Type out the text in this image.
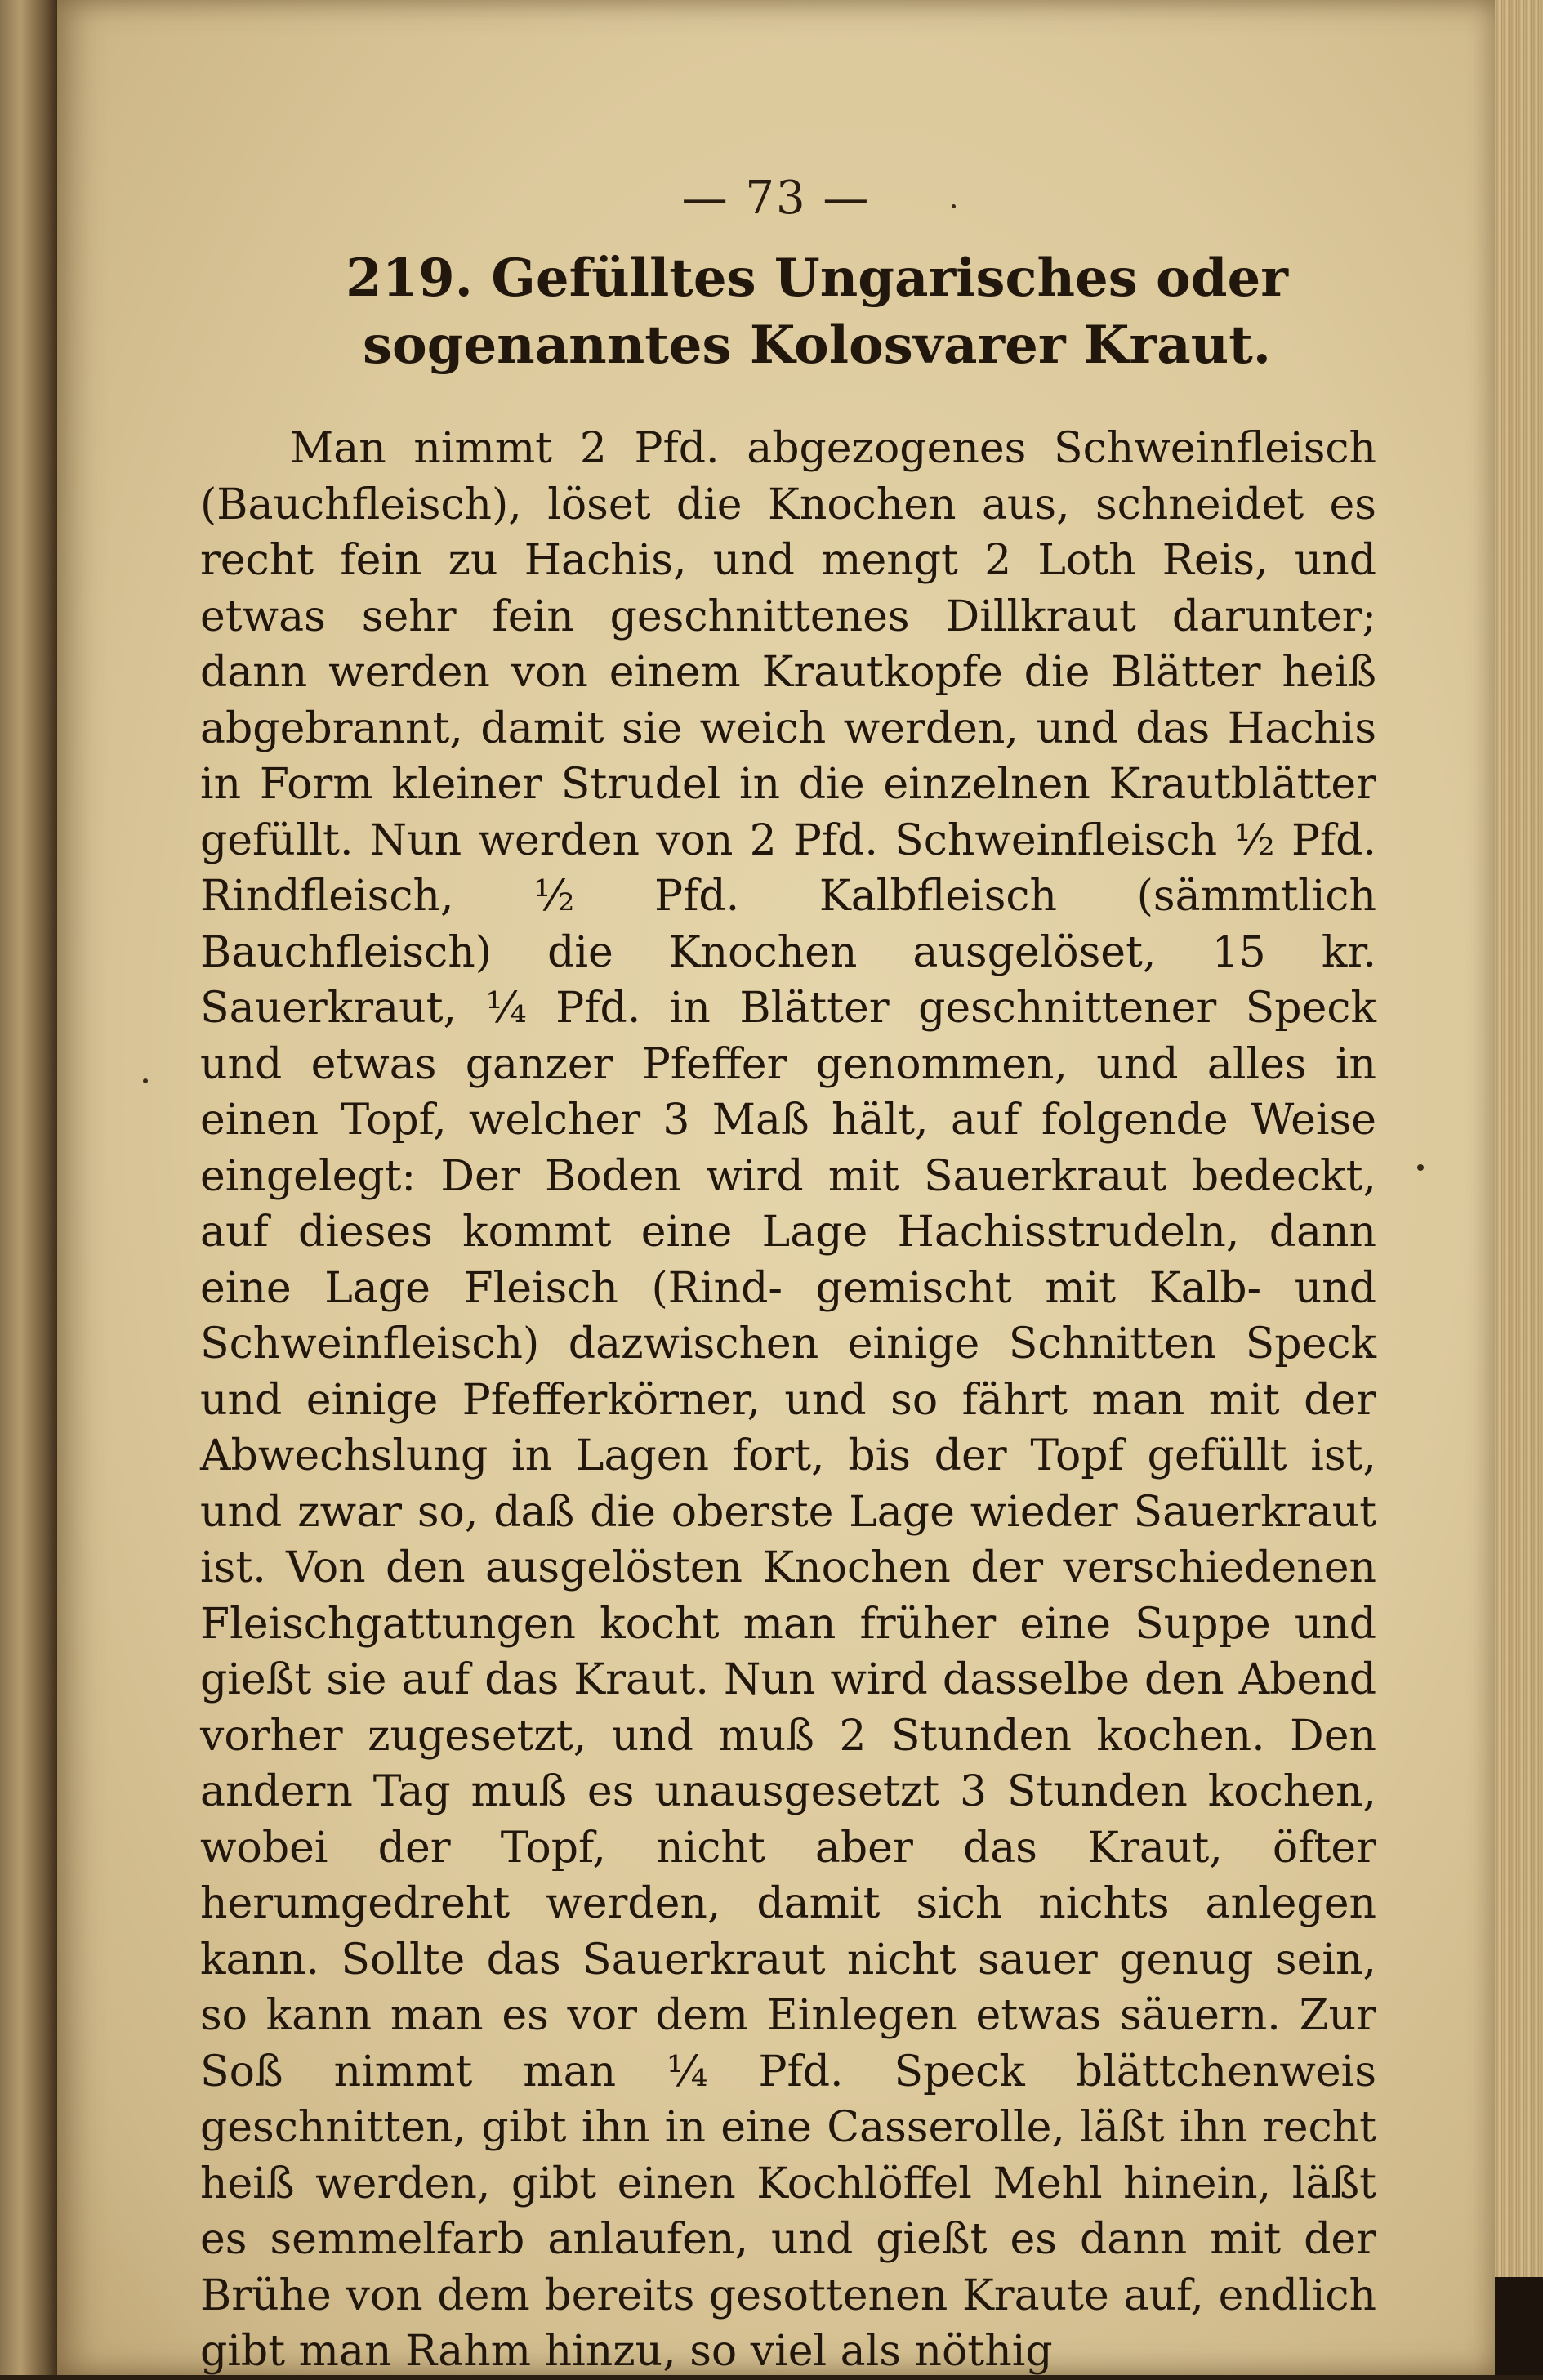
— 73 —
219. Gefülltes Ungarisches oder sogenanntes Kolosvarer Kraut.

Man nimmt 2 Pfd. abgezogenes Schweinfleisch (Bauchfleisch), löset die Knochen aus, schneidet es recht fein zu Hachis, und mengt 2 Loth Reis, und etwas sehr fein geschnittenes Dillkraut darunter; dann werden von einem Krautkopfe die Blätter heiß abgebrannt, damit sie weich werden, und das Hachis in Form kleiner Strudel in die einzelnen Krautblätter gefüllt. Nun werden von 2 Pfd. Schweinfleisch ½ Pfd. Rindfleisch, ½ Pfd. Kalbfleisch (sämmtlich Bauchfleisch) die Knochen ausgelöset, 15 kr. Sauerkraut, ¼ Pfd. in Blätter geschnittener Speck und etwas ganzer Pfeffer genommen, und alles in einen Topf, welcher 3 Maß hält, auf folgende Weise eingelegt: Der Boden wird mit Sauerkraut bedeckt, auf dieses kommt eine Lage Hachisstrudeln, dann eine Lage Fleisch (Rind- gemischt mit Kalb- und Schweinfleisch) dazwischen einige Schnitten Speck und einige Pfefferkörner, und so fährt man mit der Abwechslung in Lagen fort, bis der Topf gefüllt ist, und zwar so, daß die oberste Lage wieder Sauerkraut ist. Von den ausgelösten Knochen der verschiedenen Fleischgattungen kocht man früher eine Suppe und gießt sie auf das Kraut. Nun wird dasselbe den Abend vorher zugesetzt, und muß 2 Stunden kochen. Den andern Tag muß es unausgesetzt 3 Stunden kochen, wobei der Topf, nicht aber das Kraut, öfter herumgedreht werden, damit sich nichts anlegen kann. Sollte das Sauerkraut nicht sauer genug sein, so kann man es vor dem Einlegen etwas säuern. Zur Soß nimmt man ¼ Pfd. Speck blättchenweis geschnitten, gibt ihn in eine Casserolle, läßt ihn recht heiß werden, gibt einen Kochlöffel Mehl hinein, läßt es semmelfarb anlaufen, und gießt es dann mit der Brühe von dem bereits gesottenen Kraute auf, endlich gibt man Rahm hinzu, so viel als nöthig
